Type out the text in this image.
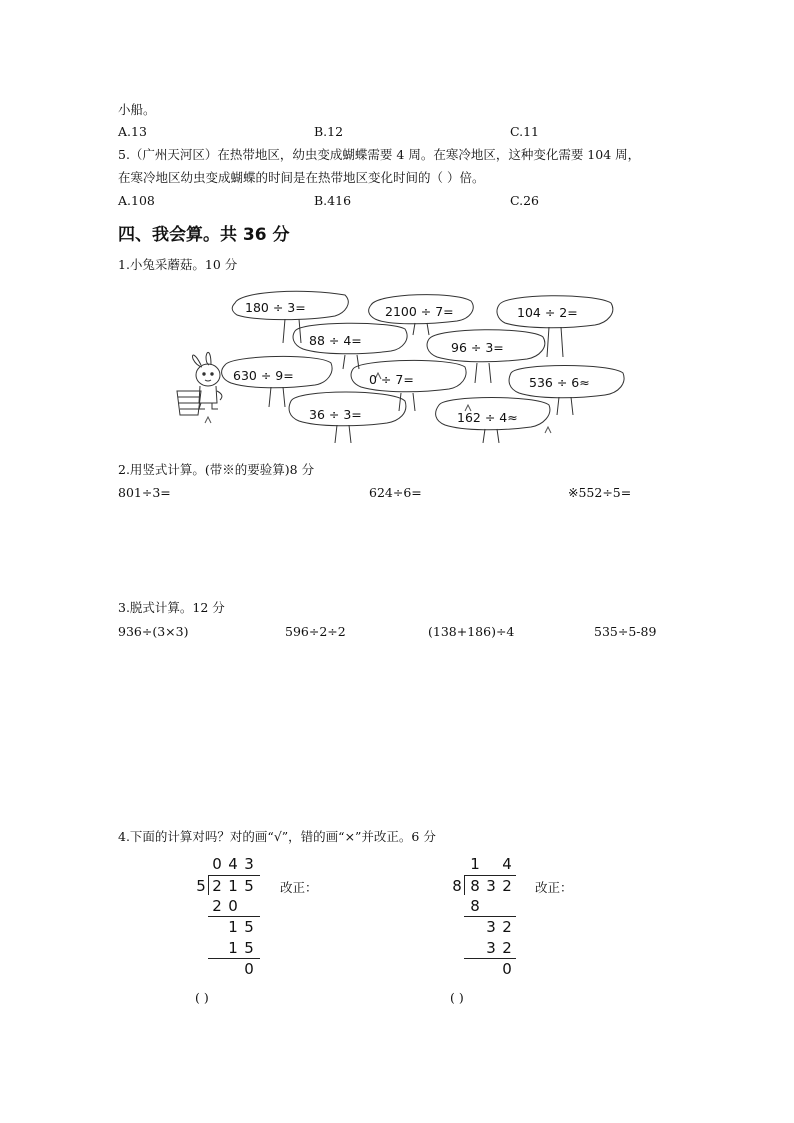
小船。
A.13	B.12	C.11
5.（广州天河区）在热带地区，幼虫变成蝴蝶需要 4 周。在寒冷地区，这种变化需要 104 周，
在寒冷地区幼虫变成蝴蝶的时间是在热带地区变化时间的（ ）倍。
A.108	B.416	C.26
四、我会算。共 36 分
1.小兔采蘑菇。10 分
180 ÷ 3=	2100 ÷ 7=	104 ÷ 2=
88 ÷ 4=	96 ÷ 3=
630 ÷ 9=	0 ÷ 7=	536 ÷ 6≈
36 ÷ 3=	162 ÷ 4≈
2.用竖式计算。(带※的要验算)8 分
801÷3=	624÷6=	※552÷5=
3.脱式计算。12 分
936÷(3×3)	596÷2÷2	(138+186)÷4	535÷5-89
4.下面的计算对吗？对的画“√”，错的画“×”并改正。6 分
0 4 3
5 2 1 5
2 0
1 5
1 5
0
改正：
( )
1 4
8 8 3 2
8
3 2
3 2
0
改正：
( )
